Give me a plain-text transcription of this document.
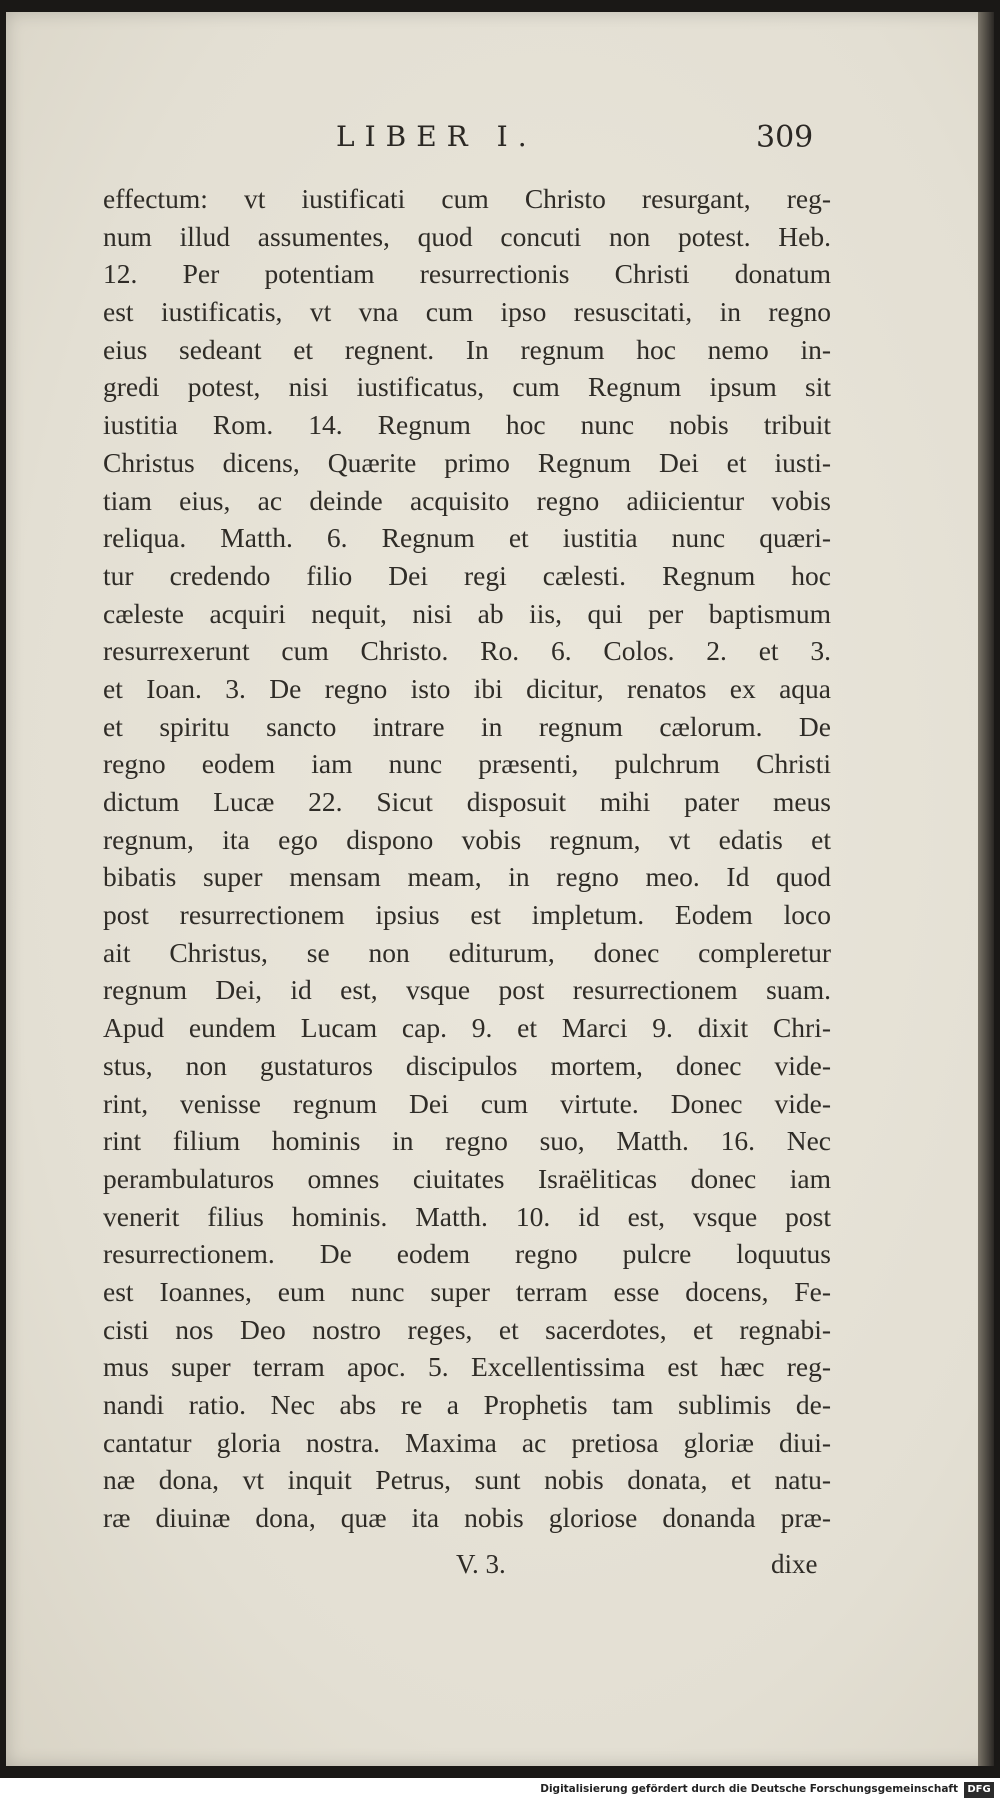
LIBER I.	309
effectum: vt iustificati cum Christo resurgant, reg-
num illud assumentes, quod concuti non potest. Heb.
12. Per potentiam resurrectionis Christi donatum
est iustificatis, vt vna cum ipso resuscitati, in regno
eius sedeant et regnent. In regnum hoc nemo in-
gredi potest, nisi iustificatus, cum Regnum ipsum sit
iustitia Rom. 14. Regnum hoc nunc nobis tribuit
Christus dicens, Quærite primo Regnum Dei et iusti-
tiam eius, ac deinde acquisito regno adiicientur vobis
reliqua. Matth. 6. Regnum et iustitia nunc quæri-
tur credendo filio Dei regi cælesti. Regnum hoc
cæleste acquiri nequit, nisi ab iis, qui per baptismum
resurrexerunt cum Christo. Ro. 6. Colos. 2. et 3.
et Ioan. 3. De regno isto ibi dicitur, renatos ex aqua
et spiritu sancto intrare in regnum cælorum. De
regno eodem iam nunc præsenti, pulchrum Christi
dictum Lucæ 22. Sicut disposuit mihi pater meus
regnum, ita ego dispono vobis regnum, vt edatis et
bibatis super mensam meam, in regno meo. Id quod
post resurrectionem ipsius est impletum. Eodem loco
ait Christus, se non editurum, donec compleretur
regnum Dei, id est, vsque post resurrectionem suam.
Apud eundem Lucam cap. 9. et Marci 9. dixit Chri-
stus, non gustaturos discipulos mortem, donec vide-
rint, venisse regnum Dei cum virtute. Donec vide-
rint filium hominis in regno suo, Matth. 16. Nec
perambulaturos omnes ciuitates Israëliticas donec iam
venerit filius hominis. Matth. 10. id est, vsque post
resurrectionem. De eodem regno pulcre loquutus
est Ioannes, eum nunc super terram esse docens, Fe-
cisti nos Deo nostro reges, et sacerdotes, et regnabi-
mus super terram apoc. 5. Excellentissima est hæc reg-
nandi ratio. Nec abs re a Prophetis tam sublimis de-
cantatur gloria nostra. Maxima ac pretiosa gloriæ diui-
næ dona, vt inquit Petrus, sunt nobis donata, et natu-
ræ diuinæ dona, quæ ita nobis gloriose donanda præ-
V. 3.	dixe
Digitalisierung gefördert durch die Deutsche Forschungsgemeinschaft DFG
